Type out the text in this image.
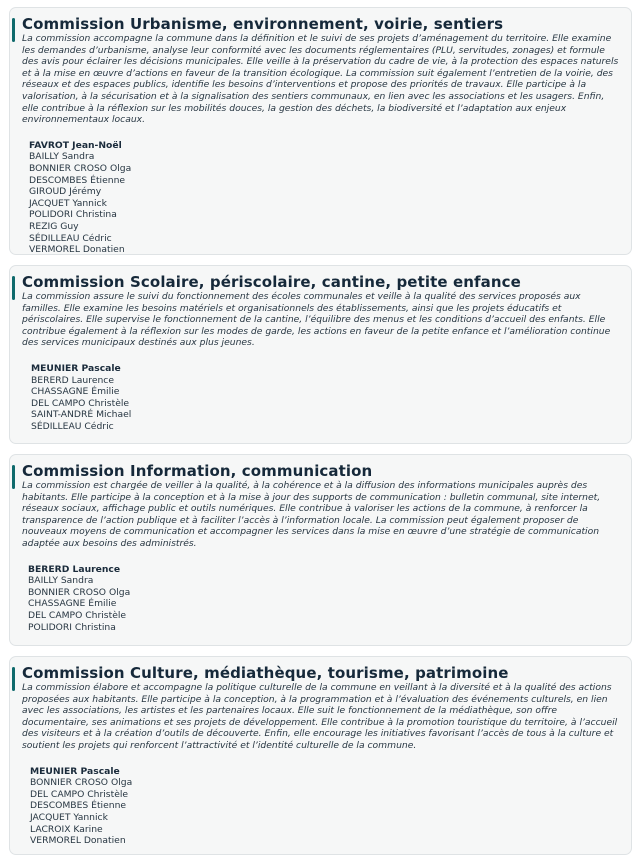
Commission Urbanisme, environnement, voirie, sentiers

La commission accompagne la commune dans la définition et le suivi de ses projets d’aménagement du territoire. Elle examine les demandes d’urbanisme, analyse leur conformité avec les documents réglementaires (PLU, servitudes, zonages) et formule des avis pour éclairer les décisions municipales. Elle veille à la préservation du cadre de vie, à la protection des espaces naturels et à la mise en œuvre d’actions en faveur de la transition écologique. La commission suit également l’entretien de la voirie, des réseaux et des espaces publics, identifie les besoins d’interventions et propose des priorités de travaux. Elle participe à la valorisation, à la sécurisation et à la signalisation des sentiers communaux, en lien avec les associations et les usagers. Enfin, elle contribue à la réflexion sur les mobilités douces, la gestion des déchets, la biodiversité et l’adaptation aux enjeux environnementaux locaux.

FAVROT Jean-Noël
BAILLY Sandra
BONNIER CROSO Olga
DESCOMBES Étienne
GIROUD Jérémy
JACQUET Yannick
POLIDORI Christina
REZIG Guy
SÉDILLEAU Cédric
VERMOREL Donatien
Commission Scolaire, périscolaire, cantine, petite enfance

La commission assure le suivi du fonctionnement des écoles communales et veille à la qualité des services proposés aux familles. Elle examine les besoins matériels et organisationnels des établissements, ainsi que les projets éducatifs et périscolaires. Elle supervise le fonctionnement de la cantine, l’équilibre des menus et les conditions d’accueil des enfants. Elle contribue également à la réflexion sur les modes de garde, les actions en faveur de la petite enfance et l’amélioration continue des services municipaux destinés aux plus jeunes.

MEUNIER Pascale
BERERD Laurence
CHASSAGNE Émilie
DEL CAMPO Christèle
SAINT-ANDRÉ Michael
SÉDILLEAU Cédric
Commission Information, communication

La commission est chargée de veiller à la qualité, à la cohérence et à la diffusion des informations municipales auprès des habitants. Elle participe à la conception et à la mise à jour des supports de communication : bulletin communal, site internet, réseaux sociaux, affichage public et outils numériques. Elle contribue à valoriser les actions de la commune, à renforcer la transparence de l’action publique et à faciliter l’accès à l’information locale. La commission peut également proposer de nouveaux moyens de communication et accompagner les services dans la mise en œuvre d’une stratégie de communication adaptée aux besoins des administrés.

BERERD Laurence
BAILLY Sandra
BONNIER CROSO Olga
CHASSAGNE Émilie
DEL CAMPO Christèle
POLIDORI Christina
Commission Culture, médiathèque, tourisme, patrimoine

La commission élabore et accompagne la politique culturelle de la commune en veillant à la diversité et à la qualité des actions proposées aux habitants. Elle participe à la conception, à la programmation et à l’évaluation des événements culturels, en lien avec les associations, les artistes et les partenaires locaux. Elle suit le fonctionnement de la médiathèque, son offre documentaire, ses animations et ses projets de développement. Elle contribue à la promotion touristique du territoire, à l’accueil des visiteurs et à la création d’outils de découverte. Enfin, elle encourage les initiatives favorisant l’accès de tous à la culture et soutient les projets qui renforcent l’attractivité et l’identité culturelle de la commune.

MEUNIER Pascale
BONNIER CROSO Olga
DEL CAMPO Christèle
DESCOMBES Étienne
JACQUET Yannick
LACROIX Karine
VERMOREL Donatien
